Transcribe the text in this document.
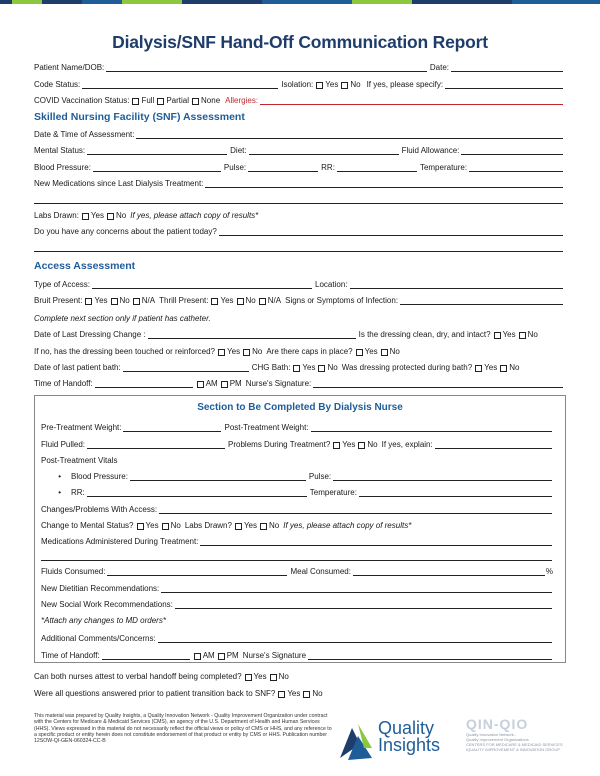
Dialysis/SNF Hand-Off Communication Report
Patient Name/DOB:	Date:
Code Status:	Isolation: Yes No If yes, please specify:
COVID Vaccination Status: Full Partial None Allergies:
Skilled Nursing Facility (SNF) Assessment
Date & Time of Assessment:
Mental Status:	Diet:	Fluid Allowance:
Blood Pressure:	Pulse:	RR:	Temperature:
New Medications since Last Dialysis Treatment:
Labs Drawn: Yes No If yes, please attach copy of results*
Do you have any concerns about the patient today?
Access Assessment
Type of Access:	Location:
Bruit Present: Yes No N/A Thrill Present: Yes No N/A Signs or Symptoms of Infection:
Complete next section only if patient has catheter.
Date of Last Dressing Change :	Is the dressing clean, dry, and intact? Yes No
If no, has the dressing been touched or reinforced? Yes No Are there caps in place? Yes No
Date of last patient bath:	CHG Bath: Yes No Was dressing protected during bath? Yes No
Time of Handoff:	AM PM Nurse's Signature:
Section to Be Completed By Dialysis Nurse
Pre-Treatment Weight:	Post-Treatment Weight:
Fluid Pulled:	Problems During Treatment? Yes No If yes, explain:
Post-Treatment Vitals
•	Blood Pressure:	Pulse:
•	RR:	Temperature:
Changes/Problems With Access:
Change to Mental Status? Yes No Labs Drawn? Yes No If yes, please attach copy of results*
Medications Administered During Treatment:
Fluids Consumed:	Meal Consumed:	%
New Dietitian Recommendations:
New Social Work Recommendations:
*Attach any changes to MD orders*
Additional Comments/Concerns:
Time of Handoff:	AM PM Nurse's Signature
Can both nurses attest to verbal handoff being completed? Yes No
Were all questions answered prior to patient transition back to SNF? Yes No
This material was prepared by Quality Insights, a Quality Innovation Network - Quality Improvement Organization under contract with the Centers for Medicare & Medicaid Services (CMS), an agency of the U.S. Department of Health and Human Services (HHS). Views expressed in this material do not necessarily reflect the official views or policy of CMS or HHS, and any reference to a specific product or entity herein does not constitute endorsement of that product or entity by CMS or HHS. Publication number 12SOW-QI-GEN-060324-CC-B
Quality
Insights
QIN-QIO
Quality Innovation Network -
Quality Improvement Organizations
CENTERS FOR MEDICARE & MEDICAID SERVICES
IQUALITY IMPROVEMENT & INNOVATION GROUP
